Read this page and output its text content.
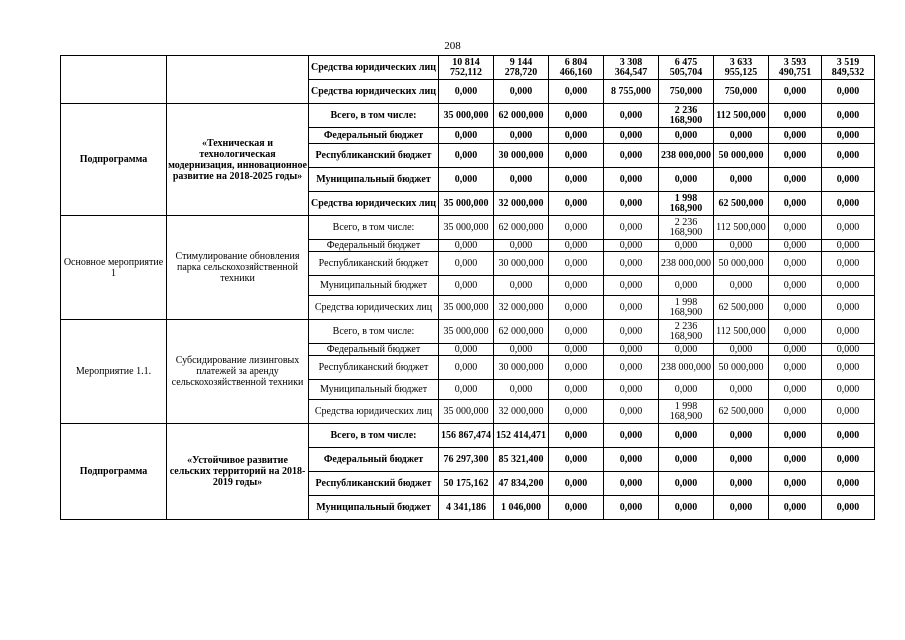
208
		Средства юридических лиц	10 814 752,112	9 144 278,720	6 804 466,160	3 308 364,547	6 475 505,704	3 633 955,125	3 593 490,751	3 519 849,532
		Средства юридических лиц	0,000	0,000	0,000	8 755,000	750,000	750,000	0,000	0,000
Подпрограмма	«Техническая и технологическая модернизация, инновационное развитие на 2018-2025 годы»	Всего, в том числе:	35 000,000	62 000,000	0,000	0,000	2 236 168,900	112 500,000	0,000	0,000
		Федеральный бюджет	0,000	0,000	0,000	0,000	0,000	0,000	0,000	0,000
		Республиканский бюджет	0,000	30 000,000	0,000	0,000	238 000,000	50 000,000	0,000	0,000
		Муниципальный бюджет	0,000	0,000	0,000	0,000	0,000	0,000	0,000	0,000
		Средства юридических лиц	35 000,000	32 000,000	0,000	0,000	1 998 168,900	62 500,000	0,000	0,000
Основное мероприятие 1	Стимулирование обновления парка сельскохозяйственной техники	Всего, в том числе:	35 000,000	62 000,000	0,000	0,000	2 236 168,900	112 500,000	0,000	0,000
		Федеральный бюджет	0,000	0,000	0,000	0,000	0,000	0,000	0,000	0,000
		Республиканский бюджет	0,000	30 000,000	0,000	0,000	238 000,000	50 000,000	0,000	0,000
		Муниципальный бюджет	0,000	0,000	0,000	0,000	0,000	0,000	0,000	0,000
		Средства юридических лиц	35 000,000	32 000,000	0,000	0,000	1 998 168,900	62 500,000	0,000	0,000
Мероприятие 1.1.	Субсидирование лизинговых платежей за аренду сельскохозяйственной техники	Всего, в том числе:	35 000,000	62 000,000	0,000	0,000	2 236 168,900	112 500,000	0,000	0,000
		Федеральный бюджет	0,000	0,000	0,000	0,000	0,000	0,000	0,000	0,000
		Республиканский бюджет	0,000	30 000,000	0,000	0,000	238 000,000	50 000,000	0,000	0,000
		Муниципальный бюджет	0,000	0,000	0,000	0,000	0,000	0,000	0,000	0,000
		Средства юридических лиц	35 000,000	32 000,000	0,000	0,000	1 998 168,900	62 500,000	0,000	0,000
Подпрограмма	«Устойчивое развитие сельских территорий на 2018-2019 годы»	Всего, в том числе:	156 867,474	152 414,471	0,000	0,000	0,000	0,000	0,000	0,000
		Федеральный бюджет	76 297,300	85 321,400	0,000	0,000	0,000	0,000	0,000	0,000
		Республиканский бюджет	50 175,162	47 834,200	0,000	0,000	0,000	0,000	0,000	0,000
		Муниципальный бюджет	4 341,186	1 046,000	0,000	0,000	0,000	0,000	0,000	0,000
